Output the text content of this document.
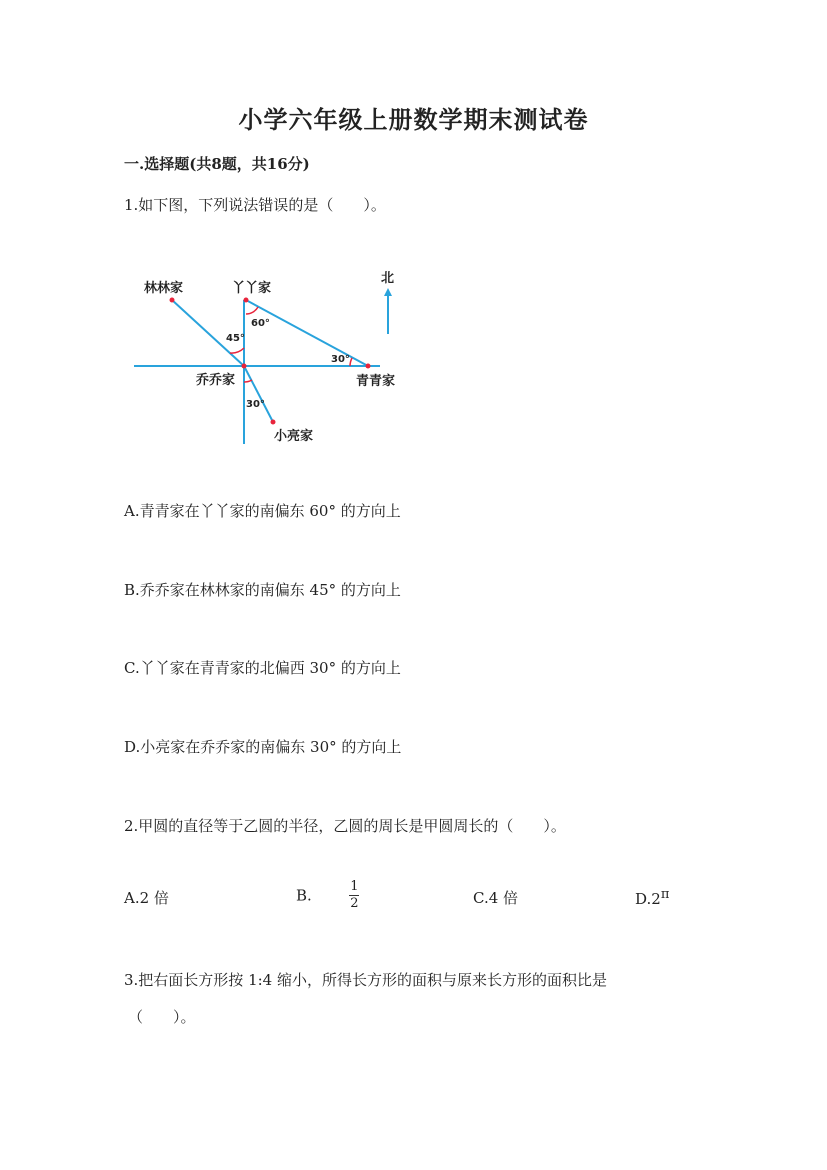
小学六年级上册数学期末测试卷
一.选择题(共8题，共16分)
1.如下图，下列说法错误的是（　　）。
林林家	丫丫家
北
乔乔家	青青家
小亮家
60°
45°
30°
30°
A.青青家在丫丫家的南偏东 60° 的方向上
B.乔乔家在林林家的南偏东 45° 的方向上
C.丫丫家在青青家的北偏西 30° 的方向上
D.小亮家在乔乔家的南偏东 30° 的方向上
2.甲圆的直径等于乙圆的半径，乙圆的周长是甲圆周长的（　　）。
A.2 倍	B.	$\frac{1}{2}$	C.4 倍	$D.2^\pi$
3.把右面长方形按 1:4 缩小，所得长方形的面积与原来长方形的面积比是
（　　）。
